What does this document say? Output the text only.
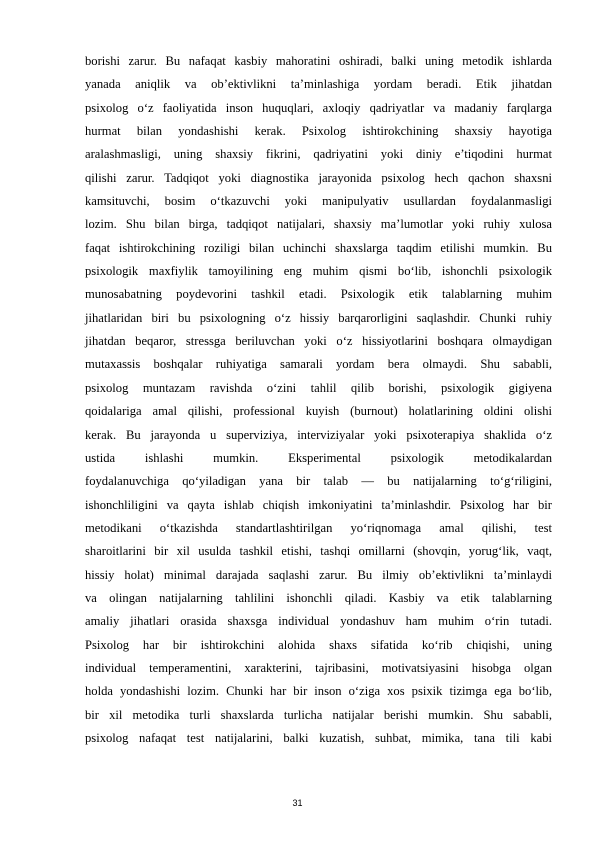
borishi zarur. Bu nafaqat kasbiy mahoratini oshiradi, balki uning metodik ishlarda
yanada aniqlik va ob’ektivlikni ta’minlashiga yordam beradi. Etik jihatdan
psixolog o‘z faoliyatida inson huquqlari, axloqiy qadriyatlar va madaniy farqlarga
hurmat bilan yondashishi kerak. Psixolog ishtirokchining shaxsiy hayotiga
aralashmasligi, uning shaxsiy fikrini, qadriyatini yoki diniy e’tiqodini hurmat
qilishi zarur. Tadqiqot yoki diagnostika jarayonida psixolog hech qachon shaxsni
kamsituvchi, bosim o‘tkazuvchi yoki manipulyativ usullardan foydalanmasligi
lozim. Shu bilan birga, tadqiqot natijalari, shaxsiy ma’lumotlar yoki ruhiy xulosa
faqat ishtirokchining roziligi bilan uchinchi shaxslarga taqdim etilishi mumkin. Bu
psixologik maxfiylik tamoyilining eng muhim qismi bo‘lib, ishonchli psixologik
munosabatning poydevorini tashkil etadi. Psixologik etik talablarning muhim
jihatlaridan biri bu psixologning o‘z hissiy barqarorligini saqlashdir. Chunki ruhiy
jihatdan beqaror, stressga beriluvchan yoki o‘z hissiyotlarini boshqara olmaydigan
mutaxassis boshqalar ruhiyatiga samarali yordam bera olmaydi. Shu sababli,
psixolog muntazam ravishda o‘zini tahlil qilib borishi, psixologik gigiyena
qoidalariga amal qilishi, professional kuyish (burnout) holatlarining oldini olishi
kerak. Bu jarayonda u superviziya, interviziyalar yoki psixoterapiya shaklida o‘z
ustida ishlashi mumkin. Eksperimental psixologik metodikalardan
foydalanuvchiga qo‘yiladigan yana bir talab — bu natijalarning to‘g‘riligini,
ishonchliligini va qayta ishlab chiqish imkoniyatini ta’minlashdir. Psixolog har bir
metodikani o‘tkazishda standartlashtirilgan yo‘riqnomaga amal qilishi, test
sharoitlarini bir xil usulda tashkil etishi, tashqi omillarni (shovqin, yorug‘lik, vaqt,
hissiy holat) minimal darajada saqlashi zarur. Bu ilmiy ob’ektivlikni ta’minlaydi
va olingan natijalarning tahlilini ishonchli qiladi. Kasbiy va etik talablarning
amaliy jihatlari orasida shaxsga individual yondashuv ham muhim o‘rin tutadi.
Psixolog har bir ishtirokchini alohida shaxs sifatida ko‘rib chiqishi, uning
individual temperamentini, xarakterini, tajribasini, motivatsiyasini hisobga olgan
holda yondashishi lozim. Chunki har bir inson o‘ziga xos psixik tizimga ega bo‘lib,
bir xil metodika turli shaxslarda turlicha natijalar berishi mumkin. Shu sababli,
psixolog nafaqat test natijalarini, balki kuzatish, suhbat, mimika, tana tili kabi
31
